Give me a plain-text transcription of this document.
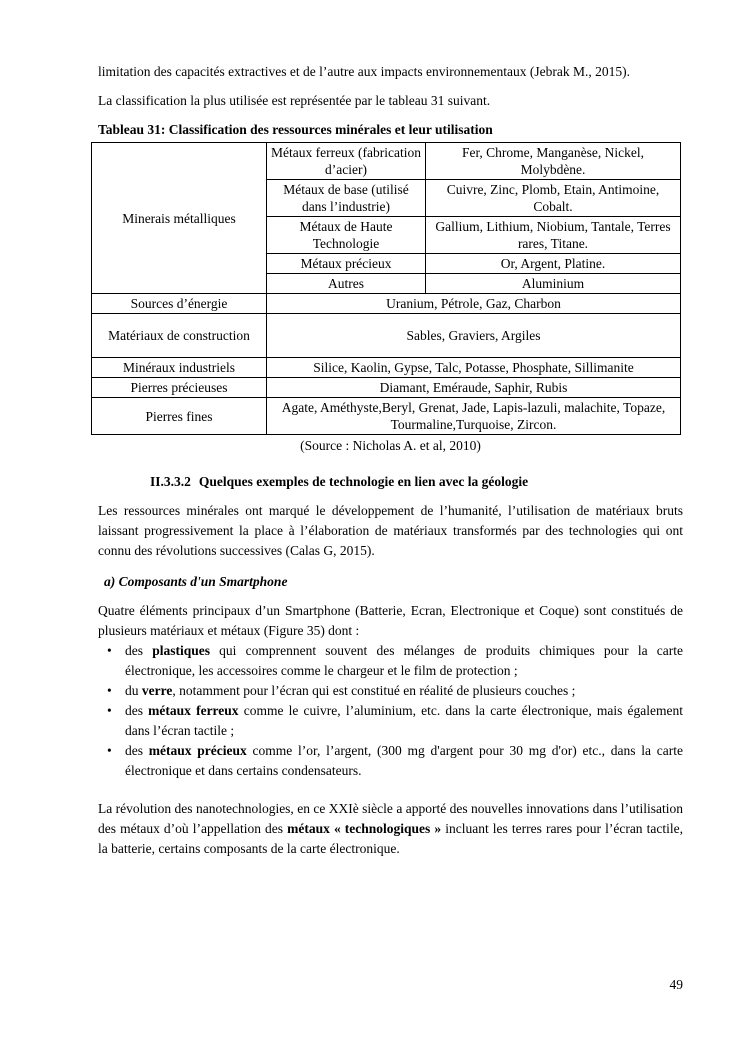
limitation des capacités extractives et de l’autre aux impacts environnementaux (Jebrak M., 2015).

La classification la plus utilisée est représentée par le tableau 31 suivant.

Tableau 31: Classification des ressources minérales et leur utilisation
Minerais métalliques	Métaux ferreux (fabrication d’acier)	Fer, Chrome, Manganèse, Nickel, Molybdène.
	Métaux de base (utilisé dans l’industrie)	Cuivre, Zinc, Plomb, Etain, Antimoine, Cobalt.
	Métaux de Haute Technologie	Gallium, Lithium, Niobium, Tantale, Terres rares, Titane.
	Métaux précieux	Or, Argent, Platine.
	Autres	Aluminium
Sources d’énergie	Uranium, Pétrole, Gaz, Charbon	
Matériaux de construction	Sables, Graviers, Argiles	
Minéraux industriels	Silice, Kaolin, Gypse, Talc, Potasse, Phosphate, Sillimanite	
Pierres précieuses	Diamant, Eméraude, Saphir, Rubis	
Pierres fines	Agate, Améthyste,Beryl, Grenat, Jade, Lapis-lazuli, malachite, Topaze, Tourmaline,Turquoise, Zircon.	
(Source : Nicholas A. et al, 2010)
II.3.3.2 Quelques exemples de technologie en lien avec la géologie

Les ressources minérales ont marqué le développement de l’humanité, l’utilisation de matériaux bruts laissant progressivement la place à l’élaboration de matériaux transformés par des technologies qui ont connu des révolutions successives (Calas G, 2015).

a) Composants d'un Smartphone

Quatre éléments principaux d’un Smartphone (Batterie, Ecran, Electronique et Coque) sont constitués de plusieurs matériaux et métaux (Figure 35) dont :

• des plastiques qui comprennent souvent des mélanges de produits chimiques pour la carte électronique, les accessoires comme le chargeur et le film de protection ;
• du verre, notamment pour l’écran qui est constitué en réalité de plusieurs couches ;
• des métaux ferreux comme le cuivre, l’aluminium, etc. dans la carte électronique, mais également dans l’écran tactile ;
• des métaux précieux comme l’or, l’argent, (300 mg d'argent pour 30 mg d'or) etc., dans la carte électronique et dans certains condensateurs.

La révolution des nanotechnologies, en ce XXIè siècle a apporté des nouvelles innovations dans l’utilisation des métaux d’où l’appellation des métaux « technologiques » incluant les terres rares pour l’écran tactile, la batterie, certains composants de la carte électronique.

49
